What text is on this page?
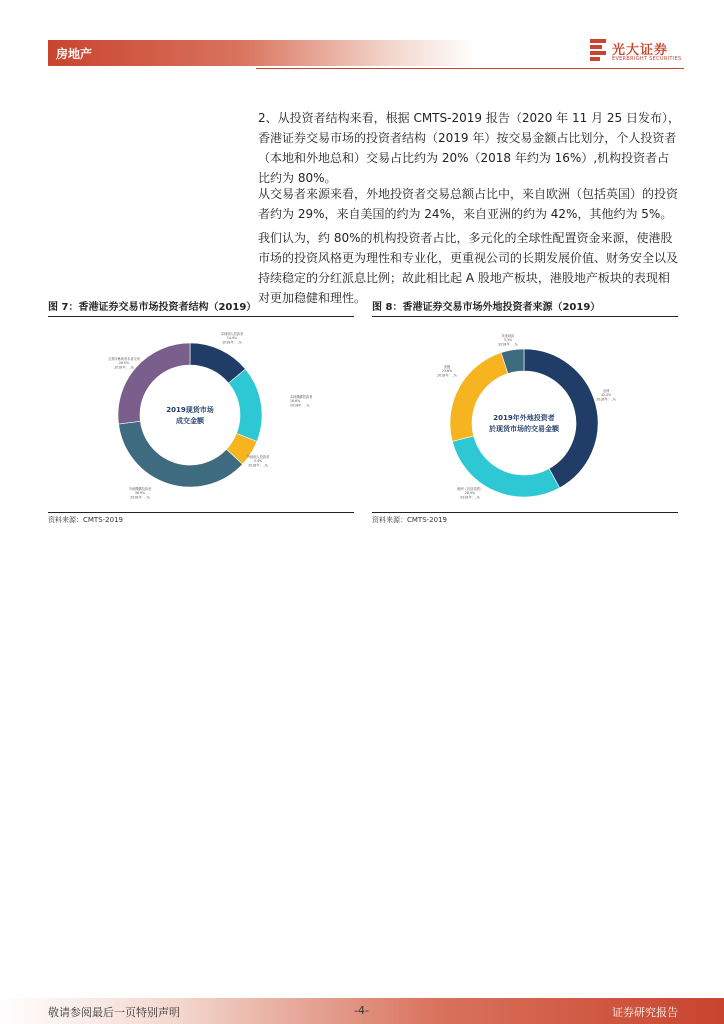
房地产	光大证券
EVERBRIGHT SECURITIES
2、从投资者结构来看，根据 CMTS-2019 报告（2020 年 11 月 25 日发布），香港证券交易市场的投资者结构（2019 年）按交易金额占比划分，个人投资者（本地和外地总和）交易占比约为 20%（2018 年约为 16%）,机构投资者占比约为 80%。
从交易者来源来看，外地投资者交易总额占比中，来自欧洲（包括英国）的投资者约为 29%，来自美国的约为 24%，来自亚洲的约为 42%，其他约为 5%。
我们认为，约 80%的机构投资者占比，多元化的全球性配置资金来源，使港股市场的投资风格更为理性和专业化，更重视公司的长期发展价值、财务安全以及持续稳定的分红派息比例；故此相比起 A 股地产板块，港股地产板块的表现相对更加稳健和理性。
图 7：香港证券交易市场投资者结构（2019）
资料来源：CMTS-2019
图 8：香港证券交易市场外地投资者来源（2019）
资料来源：CMTS-2019
2019现货市场
成交金额
本地個人投資者
14.9%
2018年：..%
本地機構投資者
16.6%
2018年：..%
外地個人投資者
5.4%
2018年：..%
外地機構投資者
36.9%
2018年：..%
交易所參與者本身交易
26.0%
2018年：..%
2019年外地投资者
於现货市场的交易金额
亞洲
42.0%
2018年：..%
歐洲（包括英國）
28.9%
2018年：..%
美國
23.8%
2018年：..%
其他地區
5.3%
2018年：..%
敬请参阅最后一页特别声明	-4-	证券研究报告
